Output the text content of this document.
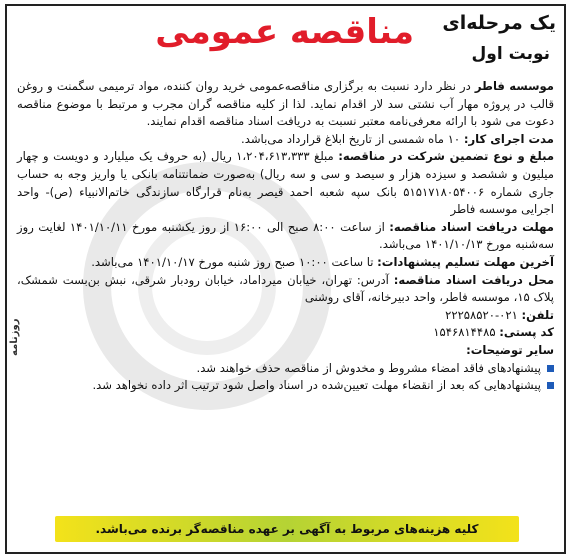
روزنامه
یک مرحله‌ای
مناقصه عمومی
نوبت اول

موسسه فاطر در نظر دارد نسبت به برگزاری مناقصه‌عمومی خرید روان کننده، مواد ترمیمی سگمنت و روغن قالب در پروژه مهار آب نشتی سد لار اقدام نماید. لذا از کلیه مناقصه گران مجرب و مرتبط با موضوع مناقصه دعوت می شود با ارائه معرفی‌نامه معتبر نسبت به دریافت اسناد مناقصه اقدام نمایند.

مدت اجرای کار: ۱۰ ماه شمسی از تاریخ ابلاغ قرارداد می‌باشد.

مبلغ و نوع تضمین شرکت در مناقصه: مبلغ ۱،۲۰۴،۶۱۳،۳۳۳ ریال (به حروف یک میلیارد و دویست و چهار میلیون و ششصد و سیزده هزار و سیصد و سی و سه ریال) به‌صورت ضمانتنامه بانکی یا واریز وجه به حساب جاری شماره ۵۱۵۱۷۱۸۰۵۴۰۰۶ بانک سپه شعبه احمد قیصر به‌نام قرارگاه سازندگی خاتم‌الانبیاء (ص)- واحد اجرایی موسسه فاطر

مهلت دریافت اسناد مناقصه: از ساعت ۸:۰۰ صبح الی ۱۶:۰۰ از روز یکشنبه مورخ ۱۴۰۱/۱۰/۱۱ لغایت روز سه‌شنبه مورخ ۱۴۰۱/۱۰/۱۳ می‌باشد.

آخرین مهلت تسلیم پیشنهادات: تا ساعت ۱۰:۰۰ صبح روز شنبه مورخ ۱۴۰۱/۱۰/۱۷ می‌باشد.

محل دریافت اسناد مناقصه: آدرس: تهران، خیابان میرداماد، خیابان رودبار شرقی، نبش بن‌بست شمشک، پلاک ۱۵، موسسه فاطر، واحد دبیرخانه، آقای روشنی

تلفن: ۰۲۱-۲۲۲۵۸۵۲۰

کد پستی: ۱۵۴۶۸۱۴۴۸۵

سایر توضیحات:

پیشنهادهای فاقد امضاء مشروط و مخدوش از مناقصه حذف خواهند شد.
پیشنهادهایی که بعد از انقضاء مهلت تعیین‌شده در اسناد واصل شود ترتیب اثر داده نخواهد شد.
کلیه هزینه‌های مربوط به آگهی بر عهده مناقصه‌گر برنده می‌باشد.
